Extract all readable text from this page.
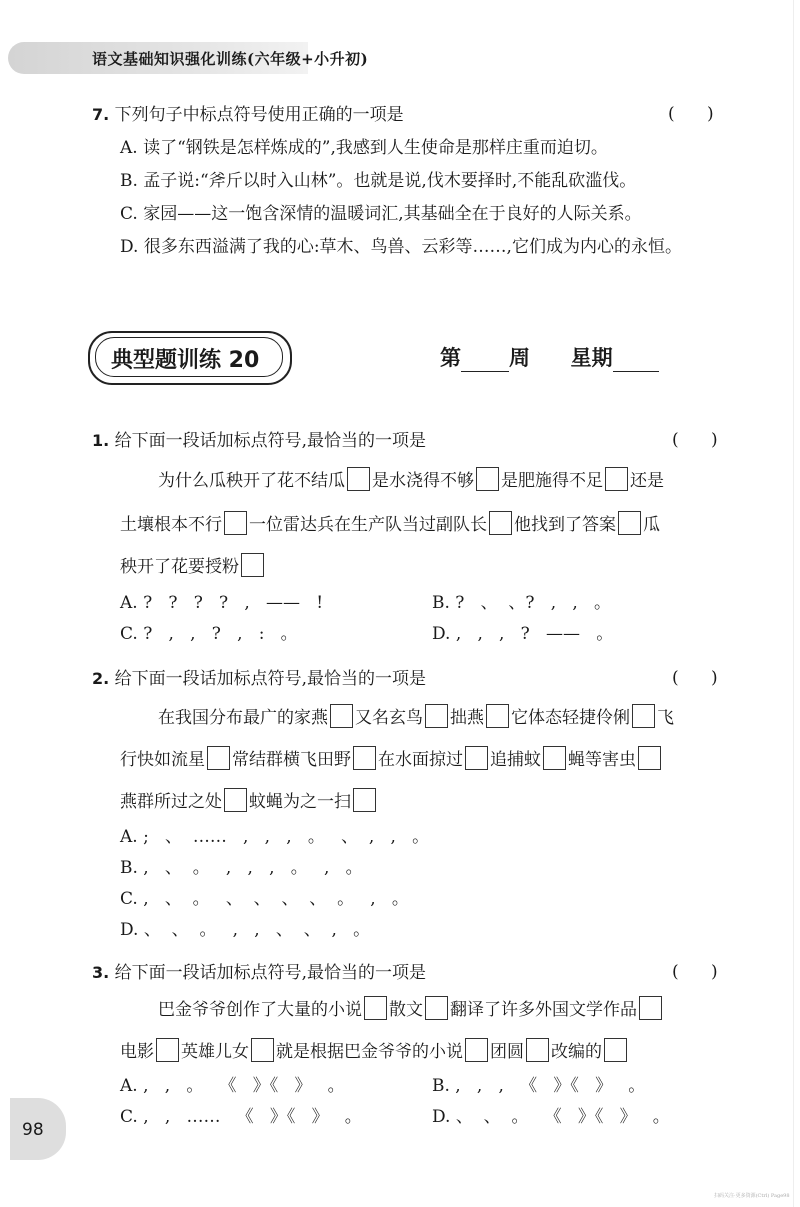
语文基础知识强化训练(六年级+小升初)
7. 下列句子中标点符号使用正确的一项是	(      )
A. 读了“钢铁是怎样炼成的”,我感到人生使命是那样庄重而迫切。
B. 孟子说:“斧斤以时入山林”。也就是说,伐木要择时,不能乱砍滥伐。
C. 家园——这一饱含深情的温暖词汇,其基础全在于良好的人际关系。
D. 很多东西溢满了我的心:草木、鸟兽、云彩等……,它们成为内心的永恒。
典型题训练 20	第 周 星期
1. 给下面一段话加标点符号,最恰当的一项是	(      )
为什么瓜秧开了花不结瓜 是水浇得不够 是肥施得不足 还是
土壤根本不行 一位雷达兵在生产队当过副队长 他找到了答案 瓜
秧开了花要授粉
A. ?   ?   ?   ?   ,   ——   !	B. ?   、  、?   ,   ,   。
C. ?   ,   ,   ?   ,   :   。	D. ,   ,   ,   ?   ——   。
2. 给下面一段话加标点符号,最恰当的一项是	(      )
在我国分布最广的家燕 又名玄鸟 拙燕 它体态轻捷伶俐 飞
行快如流星 常结群横飞田野 在水面掠过 追捕蚊 蝇等害虫
燕群所过之处 蚊蝇为之一扫
A. ;   、  ……   ,   ,   ,   。   、  ,   ,   。
B. ,   、  。   ,   ,   ,   。   ,   。
C. ,   、  。   、  、  、  、  。   ,   。
D. 、  、  。   ,   ,   、  、  ,   。
3. 给下面一段话加标点符号,最恰当的一项是	(      )
巴金爷爷创作了大量的小说 散文 翻译了许多外国文学作品
电影 英雄儿女 就是根据巴金爷爷的小说 团圆 改编的
A. ,   ,   。   《   》《   》   。	B. ,   ,   ,   《   》《   》   。
C. ,   ,   ……   《   》《   》   。	D. 、  、  。   《   》《   》   。
98
扫码关注·更多资源(Ctrl) Page98
